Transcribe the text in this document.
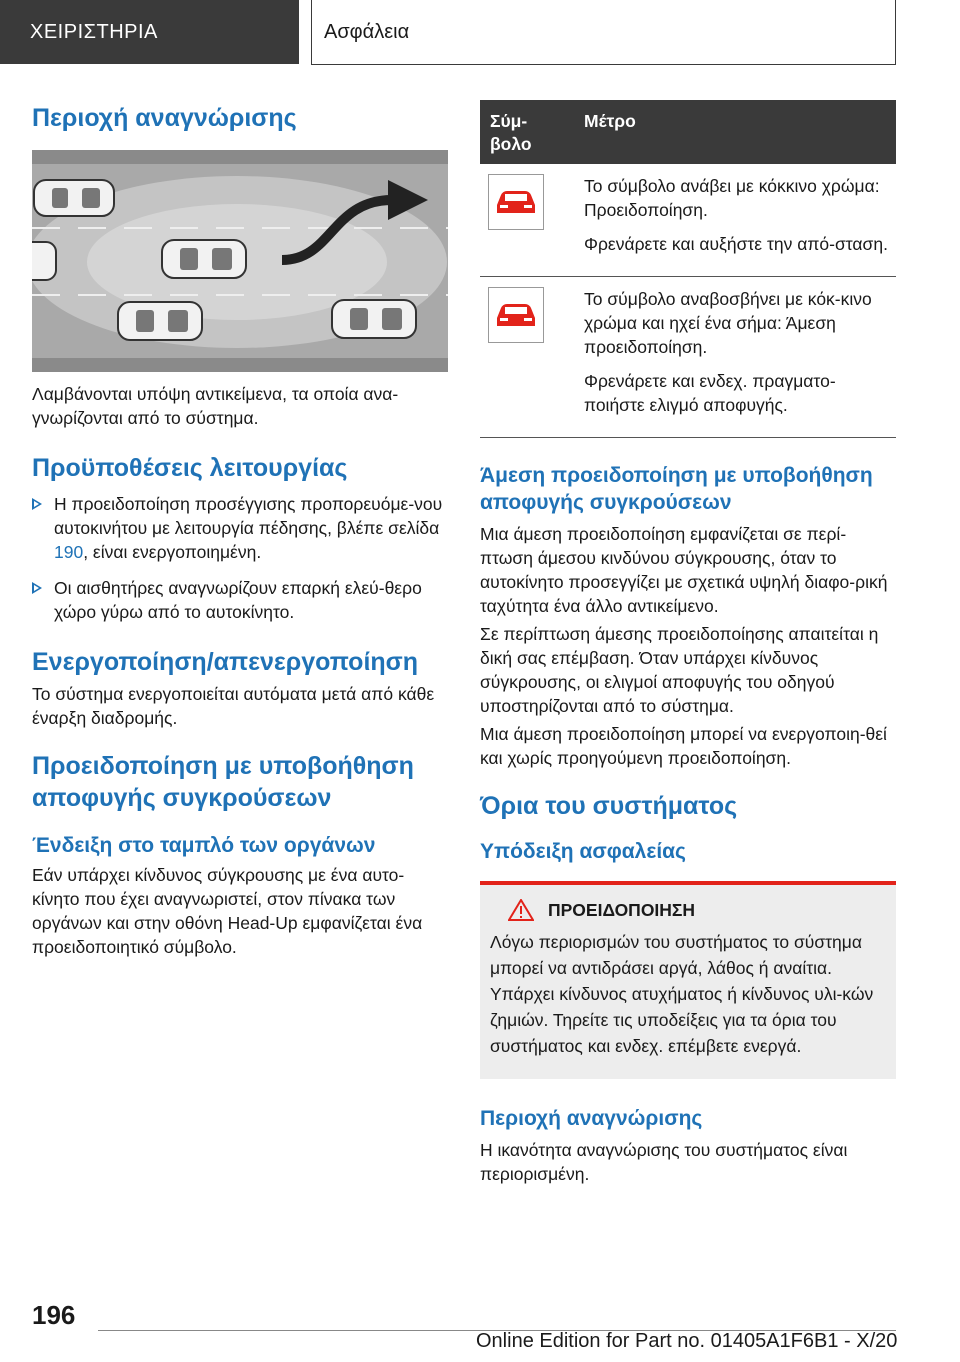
ΧΕΙΡΙΣΤΗΡΙΑ	Ασφάλεια
Περιοχή αναγνώρισης
Λαμβάνονται υπόψη αντικείμενα, τα οποία ανα-γνωρίζονται από το σύστημα.
Προϋποθέσεις λειτουργίας
Η προειδοποίηση προσέγγισης προπορευόμε-νου αυτοκινήτου με λειτουργία πέδησης, βλέπε σελίδα 190, είναι ενεργοποιημένη.
Οι αισθητήρες αναγνωρίζουν επαρκή ελεύ-θερο χώρο γύρω από το αυτοκίνητο.
Ενεργοποίηση/απενεργοποίηση
Το σύστημα ενεργοποιείται αυτόματα μετά από κάθε έναρξη διαδρομής.
Προειδοποίηση με υποβοήθηση αποφυγής συγκρούσεων
Ένδειξη στο ταμπλό των οργάνων
Εάν υπάρχει κίνδυνος σύγκρουσης με ένα αυτο-κίνητο που έχει αναγνωριστεί, στον πίνακα των οργάνων και στην οθόνη Head-Up εμφανίζεται ένα προειδοποιητικό σύμβολο.
Σύμ-βολο
Μέτρο

Το σύμβολο ανάβει με κόκκινο χρώμα: Προειδοποίηση.

Φρενάρετε και αυξήστε την από-σταση.

Το σύμβολο αναβοσβήνει με κόκ-κινο χρώμα και ηχεί ένα σήμα: Άμεση προειδοποίηση.

Φρενάρετε και ενδεχ. πραγματο-ποιήστε ελιγμό αποφυγής.

Άμεση προειδοποίηση με υποβοήθηση αποφυγής συγκρούσεων
Μια άμεση προειδοποίηση εμφανίζεται σε περί-πτωση άμεσου κινδύνου σύγκρουσης, όταν το αυτοκίνητο προσεγγίζει με σχετικά υψηλή διαφο-ρική ταχύτητα ένα άλλο αντικείμενο.
Σε περίπτωση άμεσης προειδοποίησης απαιτείται η δική σας επέμβαση. Όταν υπάρχει κίνδυνος σύγκρουσης, οι ελιγμοί αποφυγής του οδηγού υποστηρίζονται από το σύστημα.
Μια άμεση προειδοποίηση μπορεί να ενεργοποιη-θεί και χωρίς προηγούμενη προειδοποίηση.
Όρια του συστήματος
Υπόδειξη ασφαλείας
ΠΡΟΕΙΔΟΠΟΙΗΣΗ
Λόγω περιορισμών του συστήματος το σύστημα μπορεί να αντιδράσει αργά, λάθος ή αναίτια. Υπάρχει κίνδυνος ατυχήματος ή κίνδυνος υλι-κών ζημιών. Τηρείτε τις υποδείξεις για τα όρια του συστήματος και ενδεχ. επέμβετε ενεργά.
Περιοχή αναγνώρισης
Η ικανότητα αναγνώρισης του συστήματος είναι περιορισμένη.
196
Online Edition for Part no. 01405A1F6B1 - X/20
